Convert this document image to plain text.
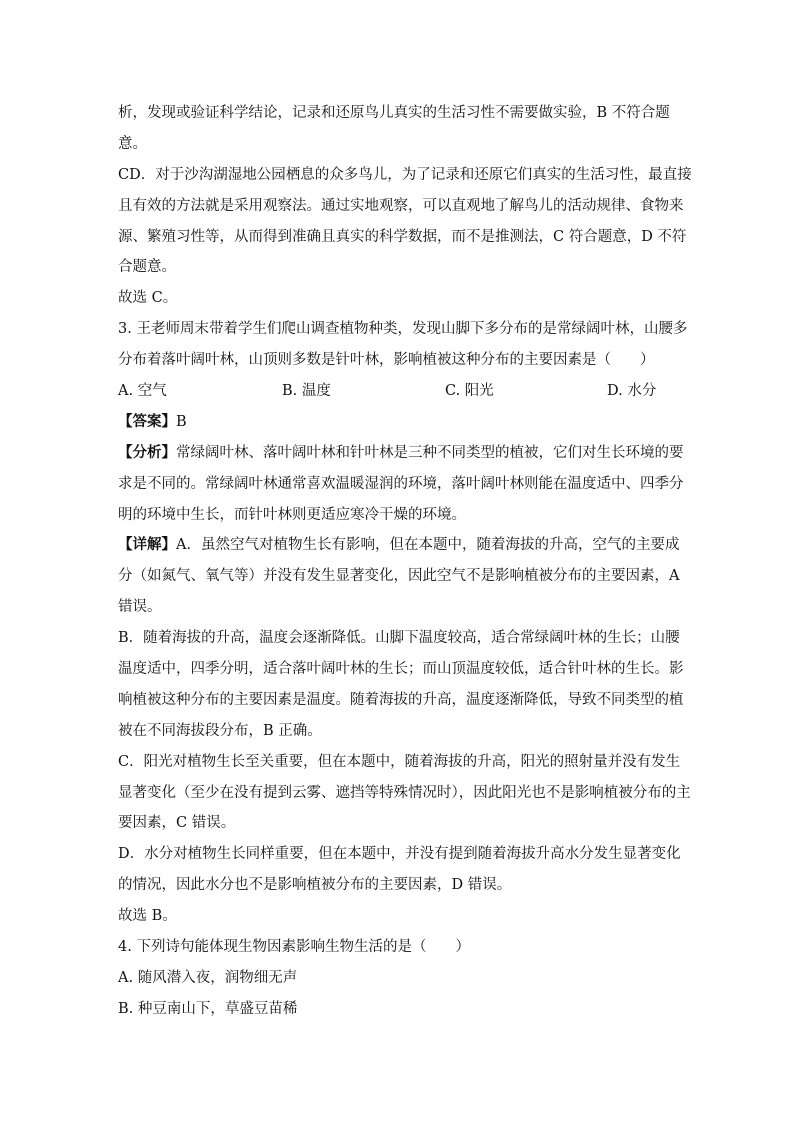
析，发现或验证科学结论，记录和还原鸟儿真实的生活习性不需要做实验，B 不符合题

意。

CD．对于沙沟湖湿地公园栖息的众多鸟儿，为了记录和还原它们真实的生活习性，最直接

且有效的方法就是采用观察法。通过实地观察，可以直观地了解鸟儿的活动规律、食物来

源、繁殖习性等，从而得到准确且真实的科学数据，而不是推测法，C 符合题意，D 不符

合题意。

故选 C。

3. 王老师周末带着学生们爬山调查植物种类，发现山脚下多分布的是常绿阔叶林，山腰多

分布着落叶阔叶林，山顶则多数是针叶林，影响植被这种分布的主要因素是（　　）

A. 空气	B. 温度	C. 阳光	D. 水分

【答案】B

【分析】常绿阔叶林、落叶阔叶林和针叶林是三种不同类型的植被，它们对生长环境的要

求是不同的。常绿阔叶林通常喜欢温暖湿润的环境，落叶阔叶林则能在温度适中、四季分

明的环境中生长，而针叶林则更适应寒冷干燥的环境。

【详解】A．虽然空气对植物生长有影响，但在本题中，随着海拔的升高，空气的主要成

分（如氮气、氧气等）并没有发生显著变化，因此空气不是影响植被分布的主要因素，A

错误。

B．随着海拔的升高，温度会逐渐降低。山脚下温度较高，适合常绿阔叶林的生长；山腰

温度适中，四季分明，适合落叶阔叶林的生长；而山顶温度较低，适合针叶林的生长。影

响植被这种分布的主要因素是温度。随着海拔的升高，温度逐渐降低，导致不同类型的植

被在不同海拔段分布，B 正确。

C．阳光对植物生长至关重要，但在本题中，随着海拔的升高，阳光的照射量并没有发生

显著变化（至少在没有提到云雾、遮挡等特殊情况时），因此阳光也不是影响植被分布的主

要因素，C 错误。

D．水分对植物生长同样重要，但在本题中，并没有提到随着海拔升高水分发生显著变化

的情况，因此水分也不是影响植被分布的主要因素，D 错误。

故选 B。

4. 下列诗句能体现生物因素影响生物生活的是（　　）

A. 随风潜入夜，润物细无声

B. 种豆南山下，草盛豆苗稀
